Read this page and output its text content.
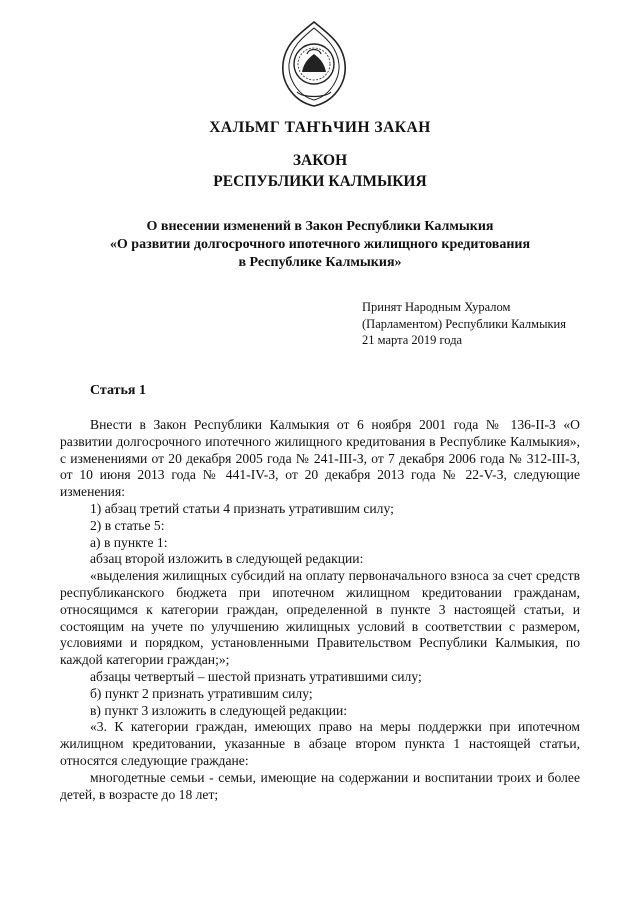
ХАЛЬМГ ТАҤҺЧИН ЗАКАН
ЗАКОН
РЕСПУБЛИКИ КАЛМЫКИЯ
О внесении изменений в Закон Республики Калмыкия
«О развитии долгосрочного ипотечного жилищного кредитования
в Республике Калмыкия»
Принят Народным Хуралом
(Парламентом) Республики Калмыкия
21 марта 2019 года
Статья 1

Внести в Закон Республики Калмыкия от 6 ноября 2001 года № 136-II-З «О развитии долгосрочного ипотечного жилищного кредитования в Республике Калмыкия», с изменениями от 20 декабря 2005 года № 241-III-З, от 7 декабря 2006 года № 312-III-З, от 10 июня 2013 года № 441-IV-З, от 20 декабря 2013 года № 22-V-З, следующие изменения:

1) абзац третий статьи 4 признать утратившим силу;

2) в статье 5:

а) в пункте 1:

абзац второй изложить в следующей редакции:

«выделения жилищных субсидий на оплату первоначального взноса за счет средств республиканского бюджета при ипотечном жилищном кредитовании гражданам, относящимся к категории граждан, определенной в пункте 3 настоящей статьи, и состоящим на учете по улучшению жилищных условий в соответствии с размером, условиями и порядком, установленными Правительством Республики Калмыкия, по каждой категории граждан;»;

абзацы четвертый – шестой признать утратившими силу;

б) пункт 2 признать утратившим силу;

в) пункт 3 изложить в следующей редакции:

«3. К категории граждан, имеющих право на меры поддержки при ипотечном жилищном кредитовании, указанные в абзаце втором пункта 1 настоящей статьи, относятся следующие граждане:

многодетные семьи - семьи, имеющие на содержании и воспитании троих и более детей, в возрасте до 18 лет;
